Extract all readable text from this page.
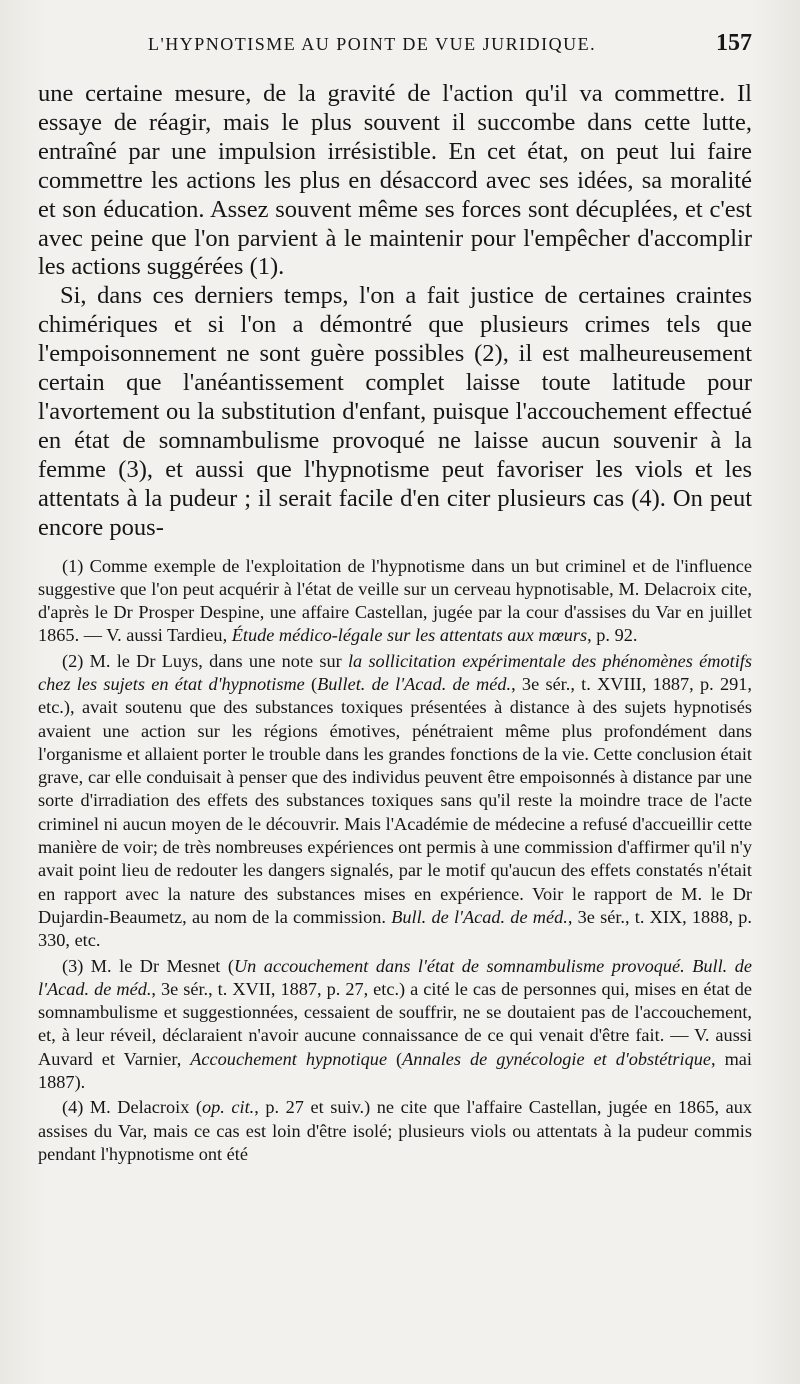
L'HYPNOTISME AU POINT DE VUE JURIDIQUE.	157

une certaine mesure, de la gravité de l'action qu'il va commettre. Il essaye de réagir, mais le plus souvent il succombe dans cette lutte, entraîné par une impulsion irrésistible. En cet état, on peut lui faire commettre les actions les plus en désaccord avec ses idées, sa moralité et son éducation. Assez souvent même ses forces sont décuplées, et c'est avec peine que l'on parvient à le maintenir pour l'empêcher d'accomplir les actions suggérées (1).

Si, dans ces derniers temps, l'on a fait justice de certaines craintes chimériques et si l'on a démontré que plusieurs crimes tels que l'empoisonnement ne sont guère possibles (2), il est malheureusement certain que l'anéantissement complet laisse toute latitude pour l'avortement ou la substitution d'enfant, puisque l'accouchement effectué en état de somnambulisme provoqué ne laisse aucun souvenir à la femme (3), et aussi que l'hypnotisme peut favoriser les viols et les attentats à la pudeur ; il serait facile d'en citer plusieurs cas (4). On peut encore pous-

(1) Comme exemple de l'exploitation de l'hypnotisme dans un but criminel et de l'influence suggestive que l'on peut acquérir à l'état de veille sur un cerveau hypnotisable, M. Delacroix cite, d'après le Dr Prosper Despine, une affaire Castellan, jugée par la cour d'assises du Var en juillet 1865. — V. aussi Tardieu, Étude médico-légale sur les attentats aux mœurs, p. 92.

(2) M. le Dr Luys, dans une note sur la sollicitation expérimentale des phénomènes émotifs chez les sujets en état d'hypnotisme (Bullet. de l'Acad. de méd., 3e sér., t. XVIII, 1887, p. 291, etc.), avait soutenu que des substances toxiques présentées à distance à des sujets hypnotisés avaient une action sur les régions émotives, pénétraient même plus profondément dans l'organisme et allaient porter le trouble dans les grandes fonctions de la vie. Cette conclusion était grave, car elle conduisait à penser que des individus peuvent être empoisonnés à distance par une sorte d'irradiation des effets des substances toxiques sans qu'il reste la moindre trace de l'acte criminel ni aucun moyen de le découvrir. Mais l'Académie de médecine a refusé d'accueillir cette manière de voir; de très nombreuses expériences ont permis à une commission d'affirmer qu'il n'y avait point lieu de redouter les dangers signalés, par le motif qu'aucun des effets constatés n'était en rapport avec la nature des substances mises en expérience. Voir le rapport de M. le Dr Dujardin-Beaumetz, au nom de la commission. Bull. de l'Acad. de méd., 3e sér., t. XIX, 1888, p. 330, etc.

(3) M. le Dr Mesnet (Un accouchement dans l'état de somnambulisme provoqué. Bull. de l'Acad. de méd., 3e sér., t. XVII, 1887, p. 27, etc.) a cité le cas de personnes qui, mises en état de somnambulisme et suggestionnées, cessaient de souffrir, ne se doutaient pas de l'accouchement, et, à leur réveil, déclaraient n'avoir aucune connaissance de ce qui venait d'être fait. — V. aussi Auvard et Varnier, Accouchement hypnotique (Annales de gynécologie et d'obstétrique, mai 1887).

(4) M. Delacroix (op. cit., p. 27 et suiv.) ne cite que l'affaire Castellan, jugée en 1865, aux assises du Var, mais ce cas est loin d'être isolé; plusieurs viols ou attentats à la pudeur commis pendant l'hypnotisme ont été
